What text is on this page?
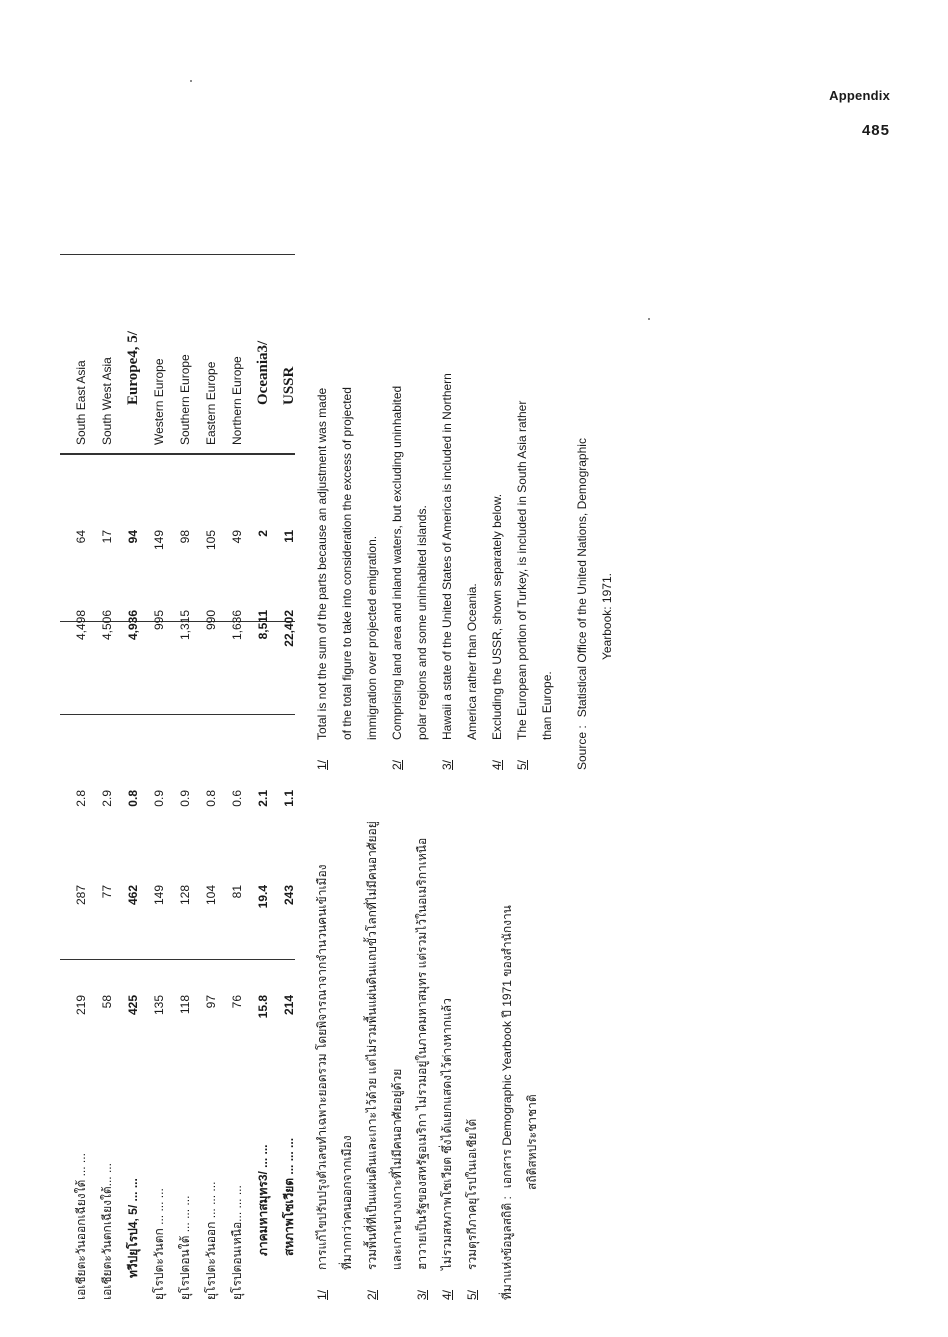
Appendix
485
เอเชียตะวันออกเฉียงใต้ ... ...
219
287
2.8
เอเชียตะวันตกเฉียงใต้... ...
58
77
2.9
ทวีปยุโรป4, 5/ ... ...
425
462
0.8
ยุโรปตะวันตก ... ... ...
135
149
0.9
ยุโรปตอนใต้ ... ... ...
118
128
0.9
ยุโรปตะวันออก ... ... ...
97
104
0.8
ยุโรปตอนเหนือ... ... ...
76
81
0.6
ภาคมหาสมุทร3/ ... ...
15.8
19.4
2.1
สหภาพโซเวียต ... ... ...
214
243
1.1
4,498
64
South East Asia
4,506
17
South West Asia
4,936
94
Europe4, 5/
995
149
Western Europe
1,315
98
Southern Europe
990
105
Eastern Europe
1,636
49
Northern Europe
8,511
2
Oceania3/
22,402
11
USSR
1/การแก้ไขปรับปรุงตัวเลขทำเฉพาะยอดรวม โดยพิจารณาจากจำนวนคนเข้าเมือง ที่มากกว่าคนออกจากเมือง
2/รวมพื้นที่ที่เป็นแผ่นดินและเกาะไว้ด้วย แต่ไม่รวมพื้นแผ่นดินแถบขั้วโลกที่ไม่มีคนอาศัยอยู่ และเกาะบางเกาะที่ไม่มีคนอาศัยอยู่ด้วย
3/ฮาวายเป็นรัฐของสหรัฐอเมริกา ไม่รวมอยู่ในภาคมหาสมุทร แต่รวมไว้ในอเมริกาเหนือ
4/ไม่รวมสหภาพโซเวียต ซึ่งได้แยกแสดงไว้ต่างหากแล้ว
5/รวมตุรกีภาคยุโรปในเอเชียใต้	ที่มาแห่งข้อมูลสถิติ :เอกสาร Demographic Yearbook ปี 1971 ของสำนักงาน สถิติสหประชาชาติ
1/Total is not the sum of the parts because an adjustment was made of the total figure to take into consideration the excess of projected immigration over projected emigration.
2/Comprising land area and inland waters, but excluding uninhabited polar regions and some uninhabited islands.
3/Hawaii a state of the United States of America is included in Northern America rather than Oceania.
4/Excluding the USSR, shown separately below.
5/The European portion of Turkey, is included in South Asia rather than Europe.
Source :Statistical Office of the United Nations, Demographic Yearbook: 1971.
